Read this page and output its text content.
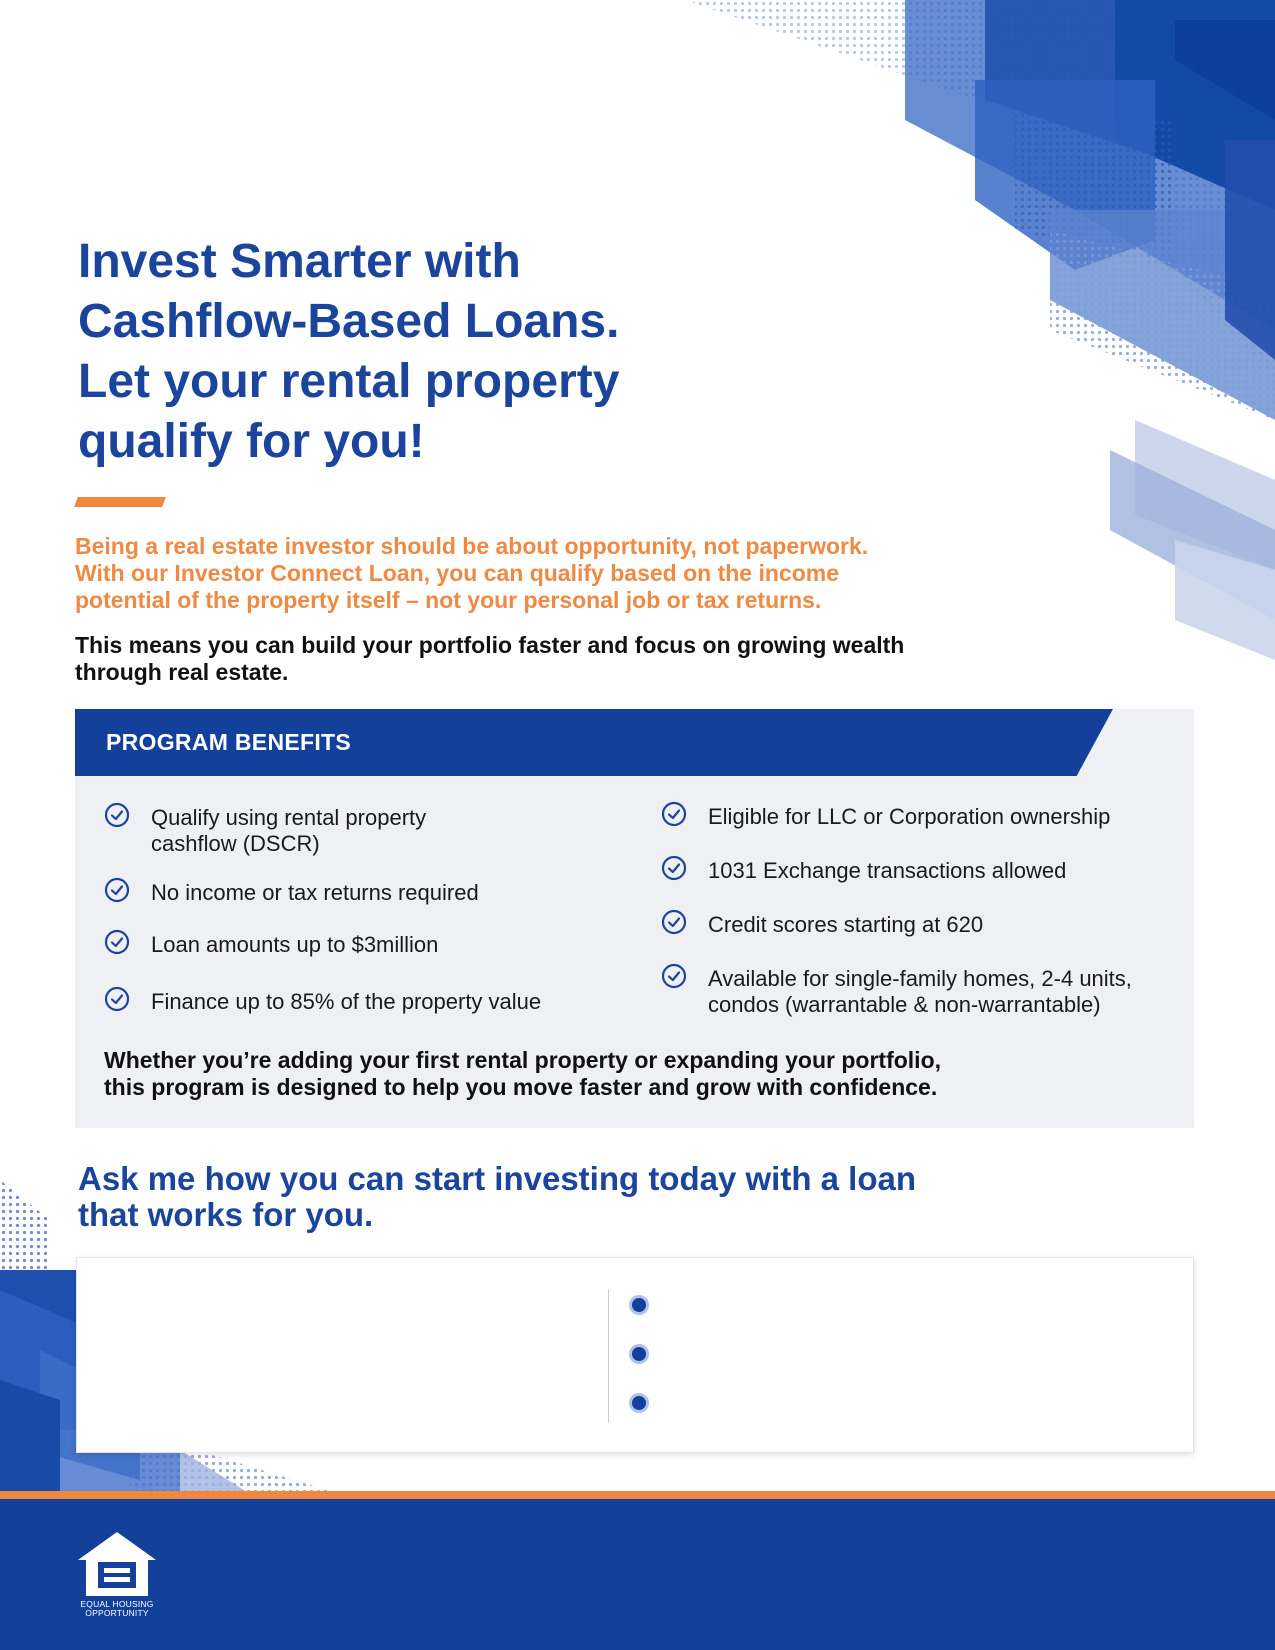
Invest Smarter with
Cashflow-Based Loans.
Let your rental property
qualify for you!
Being a real estate investor should be about opportunity, not paperwork.
With our Investor Connect Loan, you can qualify based on the income
potential of the property itself – not your personal job or tax returns.
This means you can build your portfolio faster and focus on growing wealth
through real estate.
PROGRAM BENEFITS
Qualify using rental property
cashflow (DSCR)
No income or tax returns required
Loan amounts up to $3million
Finance up to 85% of the property value
Eligible for LLC or Corporation ownership
1031 Exchange transactions allowed
Credit scores starting at 620
Available for single-family homes, 2-4 units,
condos (warrantable & non-warrantable)
Whether you’re adding your first rental property or expanding your portfolio,
this program is designed to help you move faster and grow with confidence.
Ask me how you can start investing today with a loan
that works for you.
EQUAL HOUSING
OPPORTUNITY
